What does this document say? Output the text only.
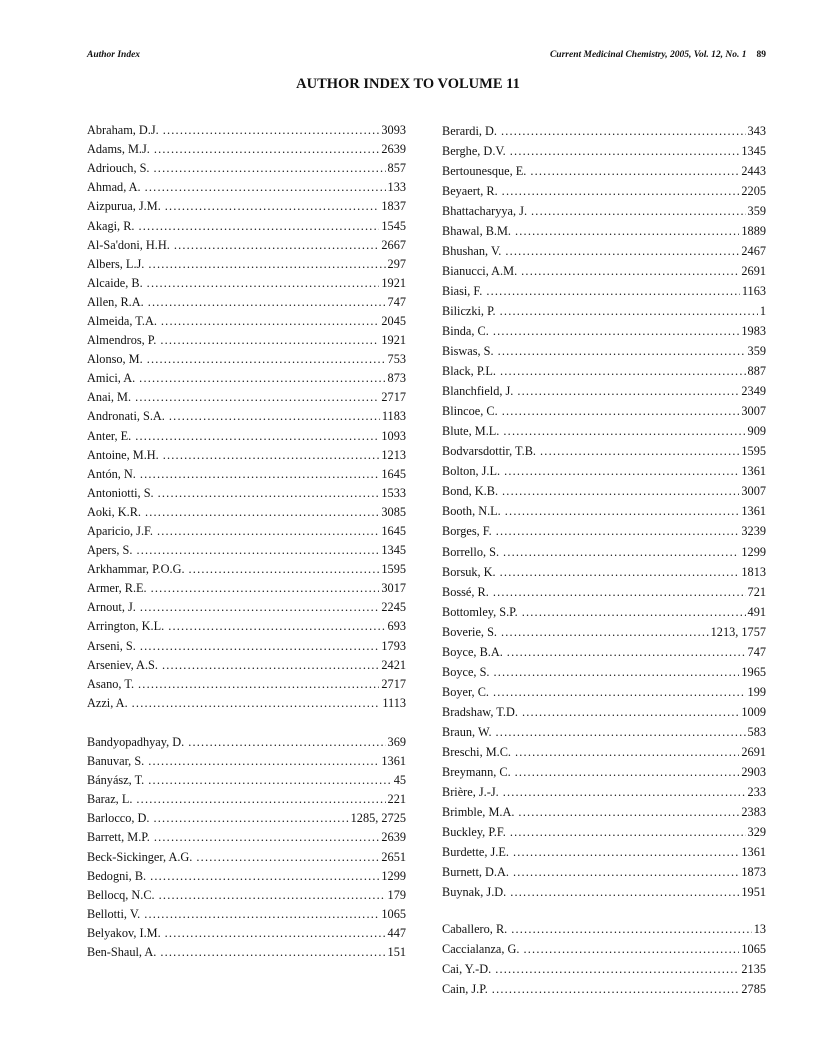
Author Index	Current Medicinal Chemistry, 2005, Vol. 12, No. 1 89
AUTHOR INDEX TO VOLUME 11
Abraham, D.J. .....	3093
Adams, M.J. .....	2639
Adriouch, S. .....	857
Ahmad, A. .....	133
Aizpurua, J.M. .....	1837
Akagi, R. .....	1545
Al-Sa'doni, H.H. .....	2667
Albers, L.J. .....	297
Alcaide, B. .....	1921
Allen, R.A. .....	747
Almeida, T.A. .....	2045
Almendros, P. .....	1921
Alonso, M. .....	753
Amici, A. .....	873
Anai, M. .....	2717
Andronati, S.A. .....	1183
Anter, E. .....	1093
Antoine, M.H. .....	1213
Antón, N. .....	1645
Antoniotti, S. .....	1533
Aoki, K.R. .....	3085
Aparicio, J.F. .....	1645
Apers, S. .....	1345
Arkhammar, P.O.G. .....	1595
Armer, R.E. .....	3017
Arnout, J. .....	2245
Arrington, K.L. .....	693
Arseni, S. .....	1793
Arseniev, A.S. .....	2421
Asano, T. .....	2717
Azzi, A. .....	1113
Bandyopadhyay, D. .....	369
Banuvar, S. .....	1361
Bányász, T. .....	45
Baraz, L. .....	221
Barlocco, D. .....	1285, 2725
Barrett, M.P. .....	2639
Beck-Sickinger, A.G. .....	2651
Bedogni, B. .....	1299
Bellocq, N.C. .....	179
Bellotti, V. .....	1065
Belyakov, I.M. .....	447
Ben-Shaul, A. .....	151
Berardi, D. .....	343
Berghe, D.V. .....	1345
Bertounesque, E. .....	2443
Beyaert, R. .....	2205
Bhattacharyya, J. .....	359
Bhawal, B.M. .....	1889
Bhushan, V. .....	2467
Bianucci, A.M. .....	2691
Biasi, F. .....	1163
Biliczki, P. .....	1
Binda, C. .....	1983
Biswas, S. .....	359
Black, P.L. .....	887
Blanchfield, J. .....	2349
Blincoe, C. .....	3007
Blute, M.L. .....	909
Bodvarsdottir, T.B. .....	1595
Bolton, J.L. .....	1361
Bond, K.B. .....	3007
Booth, N.L. .....	1361
Borges, F. .....	3239
Borrello, S. .....	1299
Borsuk, K. .....	1813
Bossé, R. .....	721
Bottomley, S.P. .....	491
Boverie, S. .....	1213, 1757
Boyce, B.A. .....	747
Boyce, S. .....	1965
Boyer, C. .....	199
Bradshaw, T.D. .....	1009
Braun, W. .....	583
Breschi, M.C. .....	2691
Breymann, C. .....	2903
Brière, J.-J. .....	233
Brimble, M.A. .....	2383
Buckley, P.F. .....	329
Burdette, J.E. .....	1361
Burnett, D.A. .....	1873
Buynak, J.D. .....	1951
Caballero, R. .....	13
Caccialanza, G. .....	1065
Cai, Y.-D. .....	2135
Cain, J.P. .....	2785
